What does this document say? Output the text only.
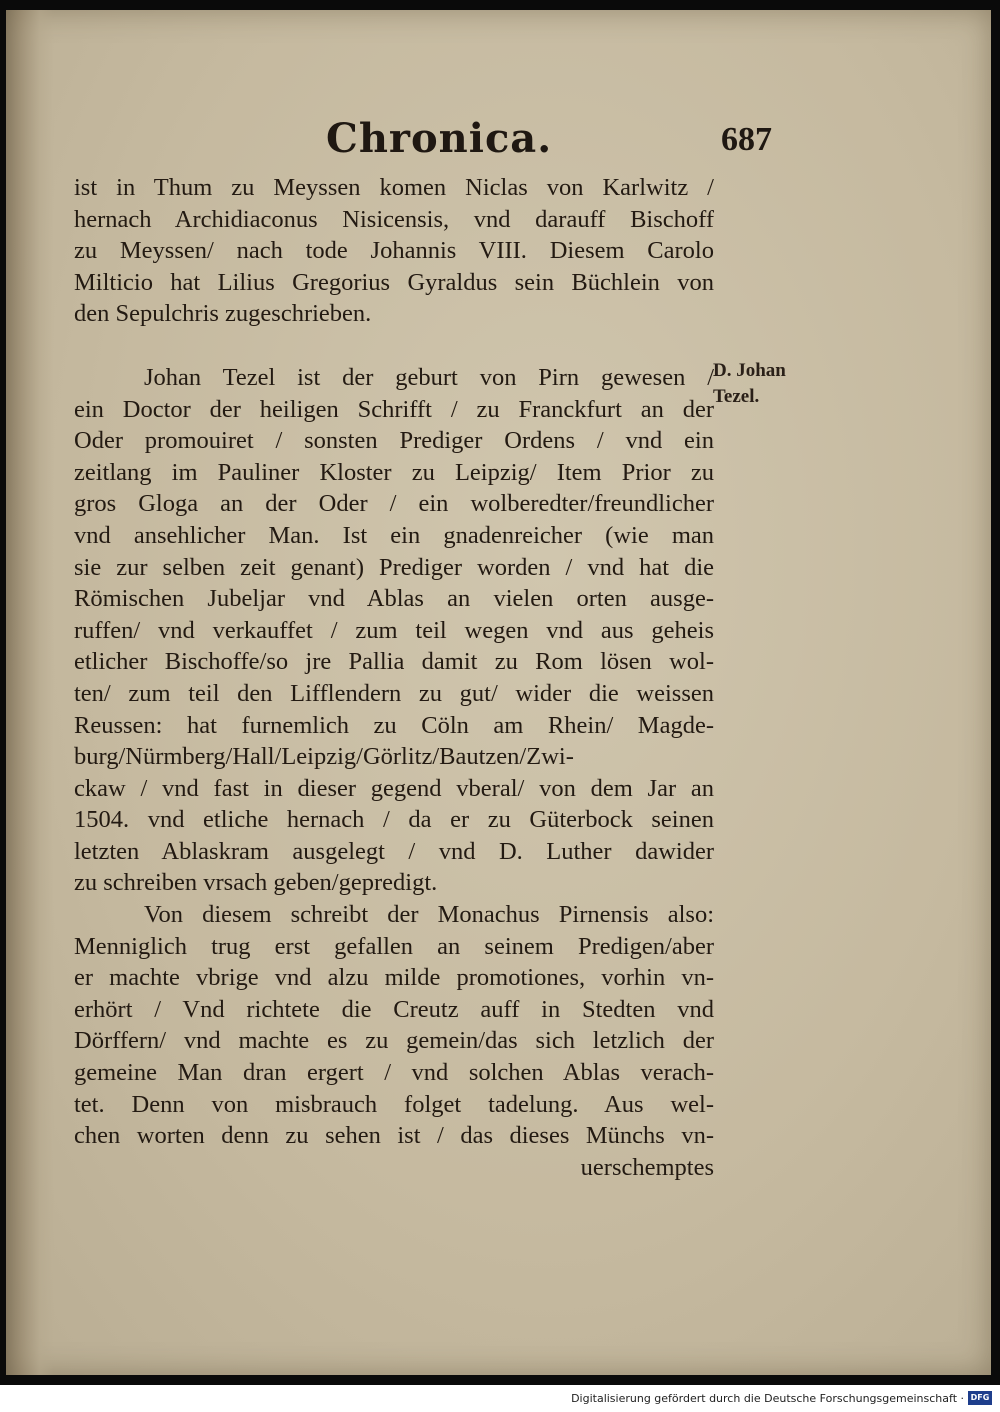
Chronica.	687
ist in Thum zu Meyssen komen Niclas von Karlwitz /
hernach Archidiaconus Nisicensis, vnd darauff Bischoff
zu Meyssen/ nach tode Johannis VIII. Diesem Carolo
Milticio hat Lilius Gregorius Gyraldus sein Büchlein von
den Sepulchris zugeschrieben.
Johan Tezel ist der geburt von Pirn gewesen /
ein Doctor der heiligen Schrifft / zu Franckfurt an der
Oder promouiret / sonsten Prediger Ordens / vnd ein
zeitlang im Pauliner Kloster zu Leipzig/ Item Prior zu
gros Gloga an der Oder / ein wolberedter/freundlicher
vnd ansehlicher Man. Ist ein gnadenreicher (wie man
sie zur selben zeit genant) Prediger worden / vnd hat die
Römischen Jubeljar vnd Ablas an vielen orten ausge-
ruffen/ vnd verkauffet / zum teil wegen vnd aus geheis
etlicher Bischoffe/so jre Pallia damit zu Rom lösen wol-
ten/ zum teil den Lifflendern zu gut/ wider die weissen
Reussen: hat furnemlich zu Cöln am Rhein/ Magde-
burg/Nürmberg/Hall/Leipzig/Görlitz/Bautzen/Zwi-
ckaw / vnd fast in dieser gegend vberal/ von dem Jar an
1504. vnd etliche hernach / da er zu Güterbock seinen
letzten Ablaskram ausgelegt / vnd D. Luther dawider
zu schreiben vrsach geben/gepredigt.
Von diesem schreibt der Monachus Pirnensis also:
Menniglich trug erst gefallen an seinem Predigen/aber
er machte vbrige vnd alzu milde promotiones, vorhin vn-
erhört / Vnd richtete die Creutz auff in Stedten vnd
Dörffern/ vnd machte es zu gemein/das sich letzlich der
gemeine Man dran ergert / vnd solchen Ablas verach-
tet. Denn von misbrauch folget tadelung. Aus wel-
chen worten denn zu sehen ist / das dieses Münchs vn-
uerschemptes
D. Johan
Tezel.
Digitalisierung gefördert durch die Deutsche Forschungsgemeinschaft · DFG
